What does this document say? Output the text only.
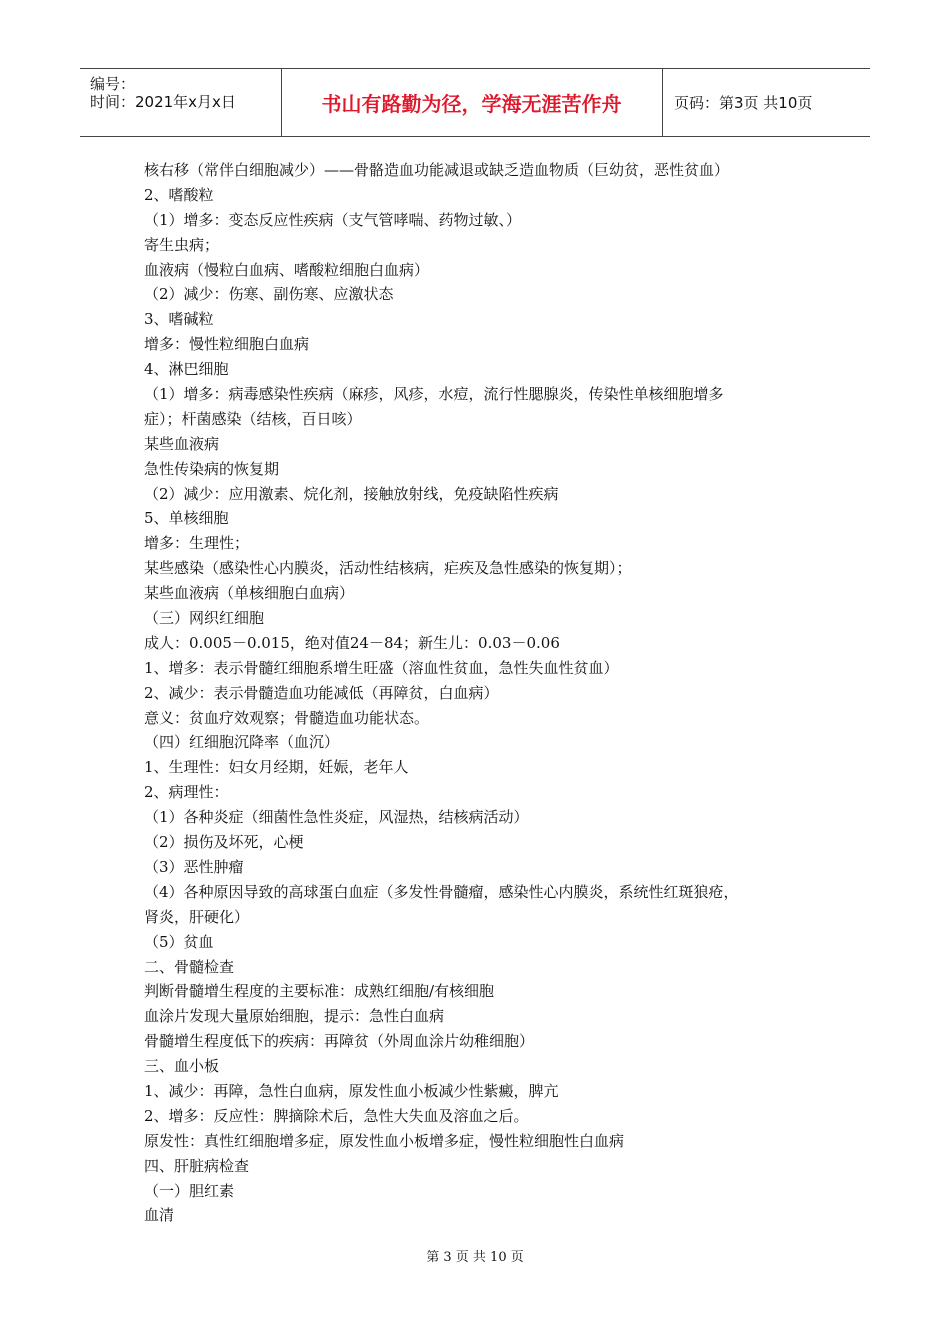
编号：
时间：2021年x月x日	书山有路勤为径，学海无涯苦作舟	页码：第3页 共10页
核右移（常伴白细胞减少）——骨骼造血功能减退或缺乏造血物质（巨幼贫，恶性贫血）
2、嗜酸粒
（1）增多：变态反应性疾病（支气管哮喘、药物过敏、）
寄生虫病；
血液病（慢粒白血病、嗜酸粒细胞白血病）
（2）减少：伤寒、副伤寒、应激状态
3、嗜碱粒
增多：慢性粒细胞白血病
4、淋巴细胞
（1）增多：病毒感染性疾病（麻疹，风疹，水痘，流行性腮腺炎，传染性单核细胞增多
症）；杆菌感染（结核，百日咳）
某些血液病
急性传染病的恢复期
（2）减少：应用激素、烷化剂，接触放射线，免疫缺陷性疾病
5、单核细胞
增多：生理性；
某些感染（感染性心内膜炎，活动性结核病，疟疾及急性感染的恢复期）；
某些血液病（单核细胞白血病）
（三）网织红细胞
成人：0.005－0.015，绝对值24－84；新生儿：0.03－0.06
1、增多：表示骨髓红细胞系增生旺盛（溶血性贫血，急性失血性贫血）
2、减少：表示骨髓造血功能减低（再障贫，白血病）
意义：贫血疗效观察；骨髓造血功能状态。
（四）红细胞沉降率（血沉）
1、生理性：妇女月经期，妊娠，老年人
2、病理性：
（1）各种炎症（细菌性急性炎症，风湿热，结核病活动）
（2）损伤及坏死，心梗
（3）恶性肿瘤
（4）各种原因导致的高球蛋白血症（多发性骨髓瘤，感染性心内膜炎，系统性红斑狼疮，
肾炎，肝硬化）
（5）贫血
二、骨髓检查
判断骨髓增生程度的主要标准：成熟红细胞/有核细胞
血涂片发现大量原始细胞，提示：急性白血病
骨髓增生程度低下的疾病：再障贫（外周血涂片幼稚细胞）
三、血小板
1、减少：再障，急性白血病，原发性血小板减少性紫癜，脾亢
2、增多：反应性：脾摘除术后，急性大失血及溶血之后。
原发性：真性红细胞增多症，原发性血小板增多症，慢性粒细胞性白血病
四、肝脏病检查
（一）胆红素
血清
第 3 页 共 10 页
